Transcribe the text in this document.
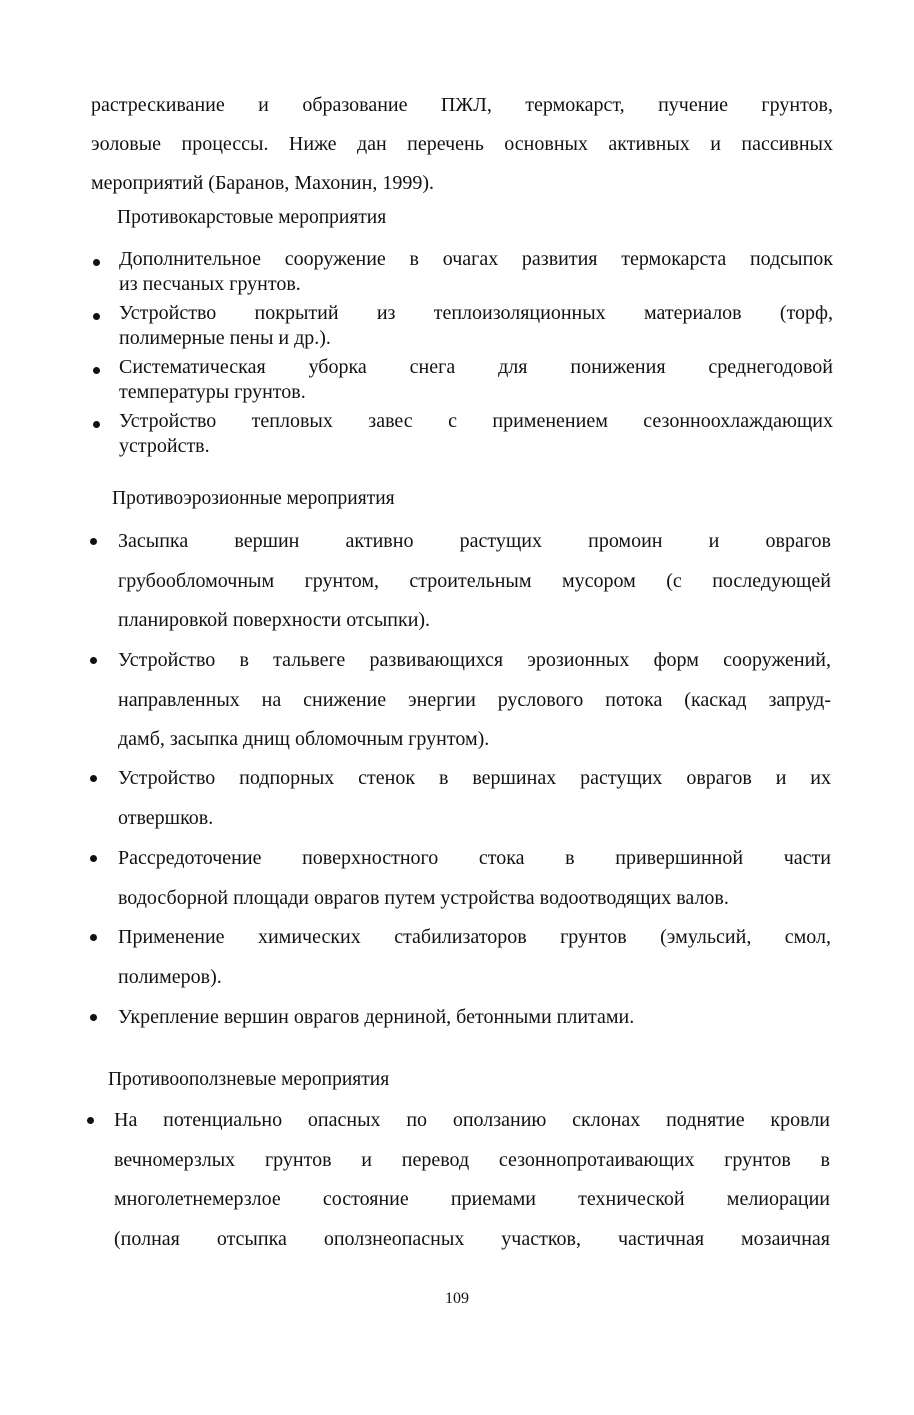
растрескивание и образование ПЖЛ, термокарст, пучение грунтов,
эоловые процессы. Ниже дан перечень основных активных и пассивных
мероприятий (Баранов, Махонин, 1999).
Противокарстовые мероприятия
Дополнительное сооружение в очагах развития термокарста подсыпок
из песчаных грунтов.
Устройство покрытий из теплоизоляционных материалов (торф,
полимерные пены и др.).
Систематическая уборка снега для понижения среднегодовой
температуры грунтов.
Устройство тепловых завес с применением сезонноохлаждающих
устройств.
Противоэрозионные мероприятия
Засыпка вершин активно растущих промоин и оврагов
грубообломочным грунтом, строительным мусором (с последующей
планировкой поверхности отсыпки).
Устройство в тальвеге развивающихся эрозионных форм сооружений,
направленных на снижение энергии руслового потока (каскад запруд-
дамб, засыпка днищ обломочным грунтом).
Устройство подпорных стенок в вершинах растущих оврагов и их
отвершков.
Рассредоточение поверхностного стока в привершинной части
водосборной площади оврагов путем устройства водоотводящих валов.
Применение химических стабилизаторов грунтов (эмульсий, смол,
полимеров).
Укрепление вершин оврагов дерниной, бетонными плитами.
Противооползневые мероприятия
На потенциально опасных по оползанию склонах поднятие кровли
вечномерзлых грунтов и перевод сезоннопротаивающих грунтов в
многолетнемерзлое состояние приемами технической мелиорации
(полная отсыпка оползнеопасных участков, частичная мозаичная
109
